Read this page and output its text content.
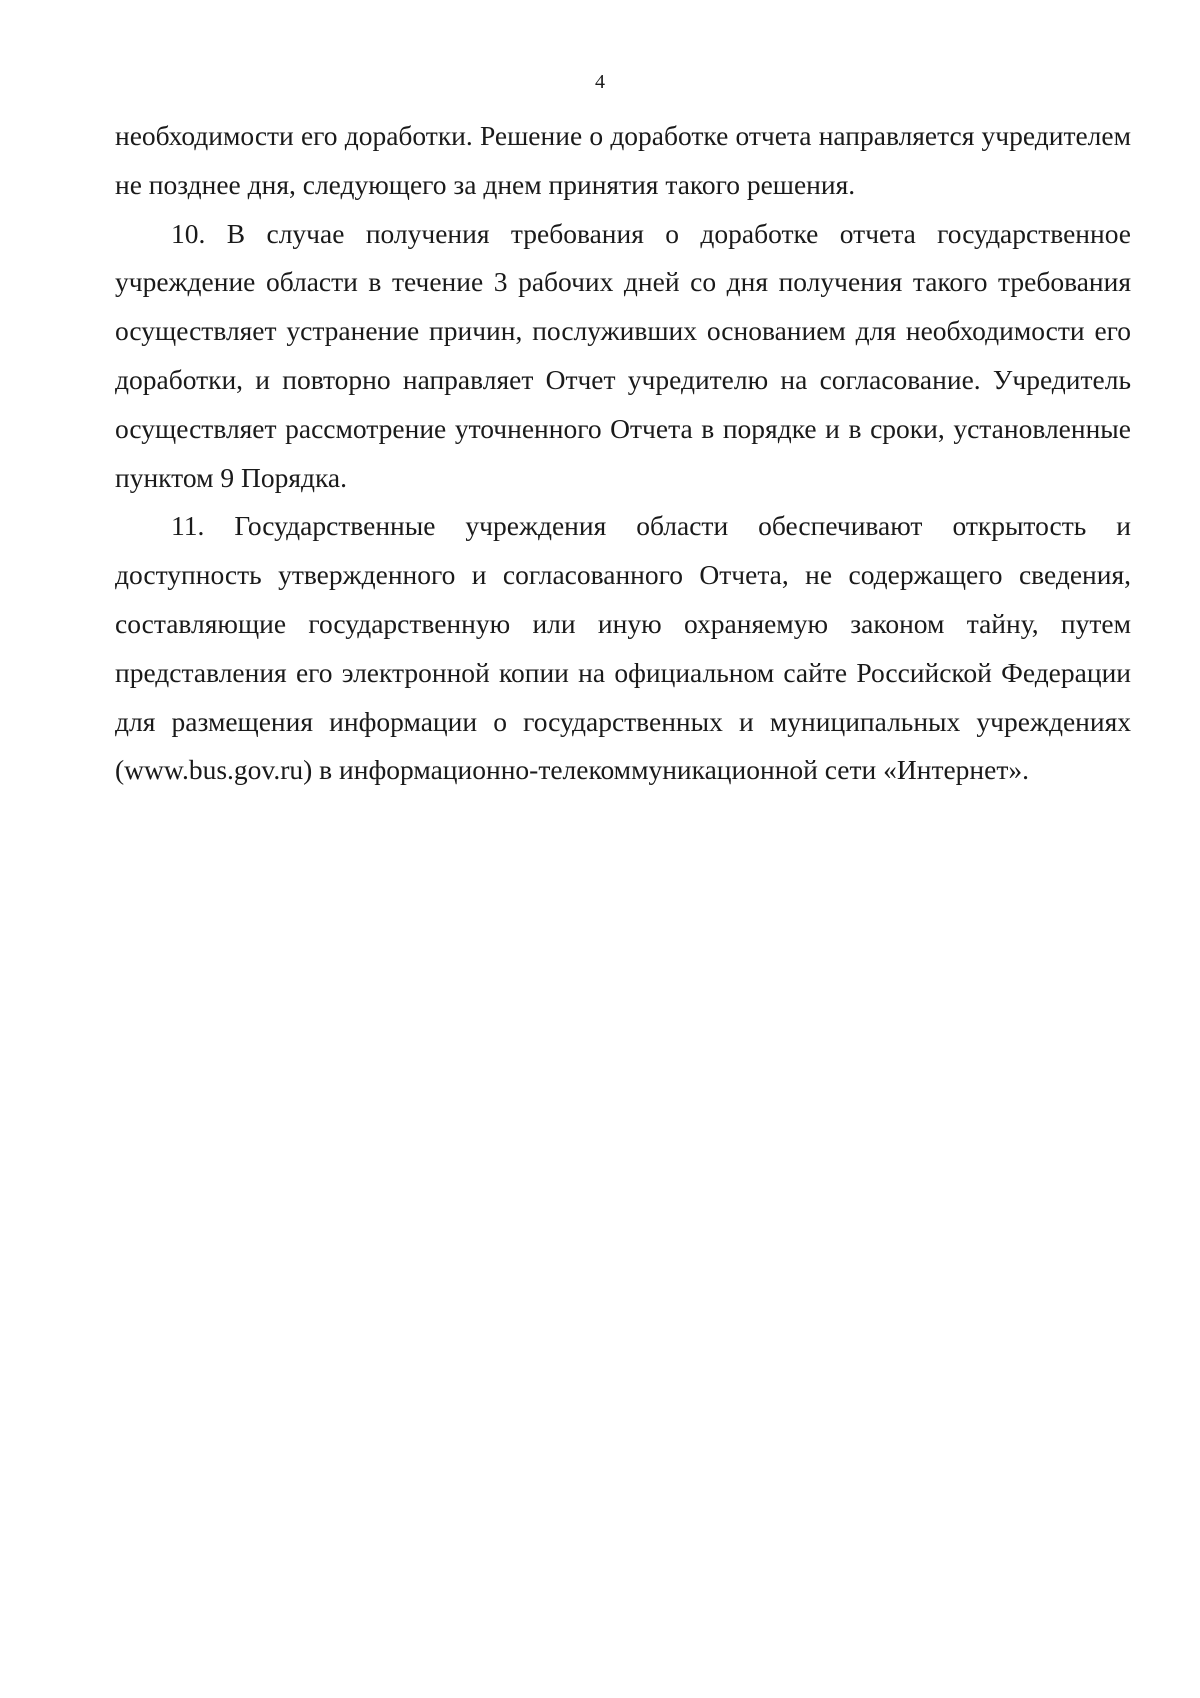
4

необходимости его доработки. Решение о доработке отчета направляется учредителем не позднее дня, следующего за днем принятия такого решения.

10. В случае получения требования о доработке отчета государственное учреждение области в течение 3 рабочих дней со дня получения такого требования осуществляет устранение причин, послуживших основанием для необходимости его доработки, и повторно направляет Отчет учредителю на согласование. Учредитель осуществляет рассмотрение уточненного Отчета в порядке и в сроки, установленные пунктом 9 Порядка.

11. Государственные учреждения области обеспечивают открытость и доступность утвержденного и согласованного Отчета, не содержащего сведения, составляющие государственную или иную охраняемую законом тайну, путем представления его электронной копии на официальном сайте Российской Федерации для размещения информации о государственных и муниципальных учреждениях (www.bus.gov.ru) в информационно-телекоммуникационной сети «Интернет».
